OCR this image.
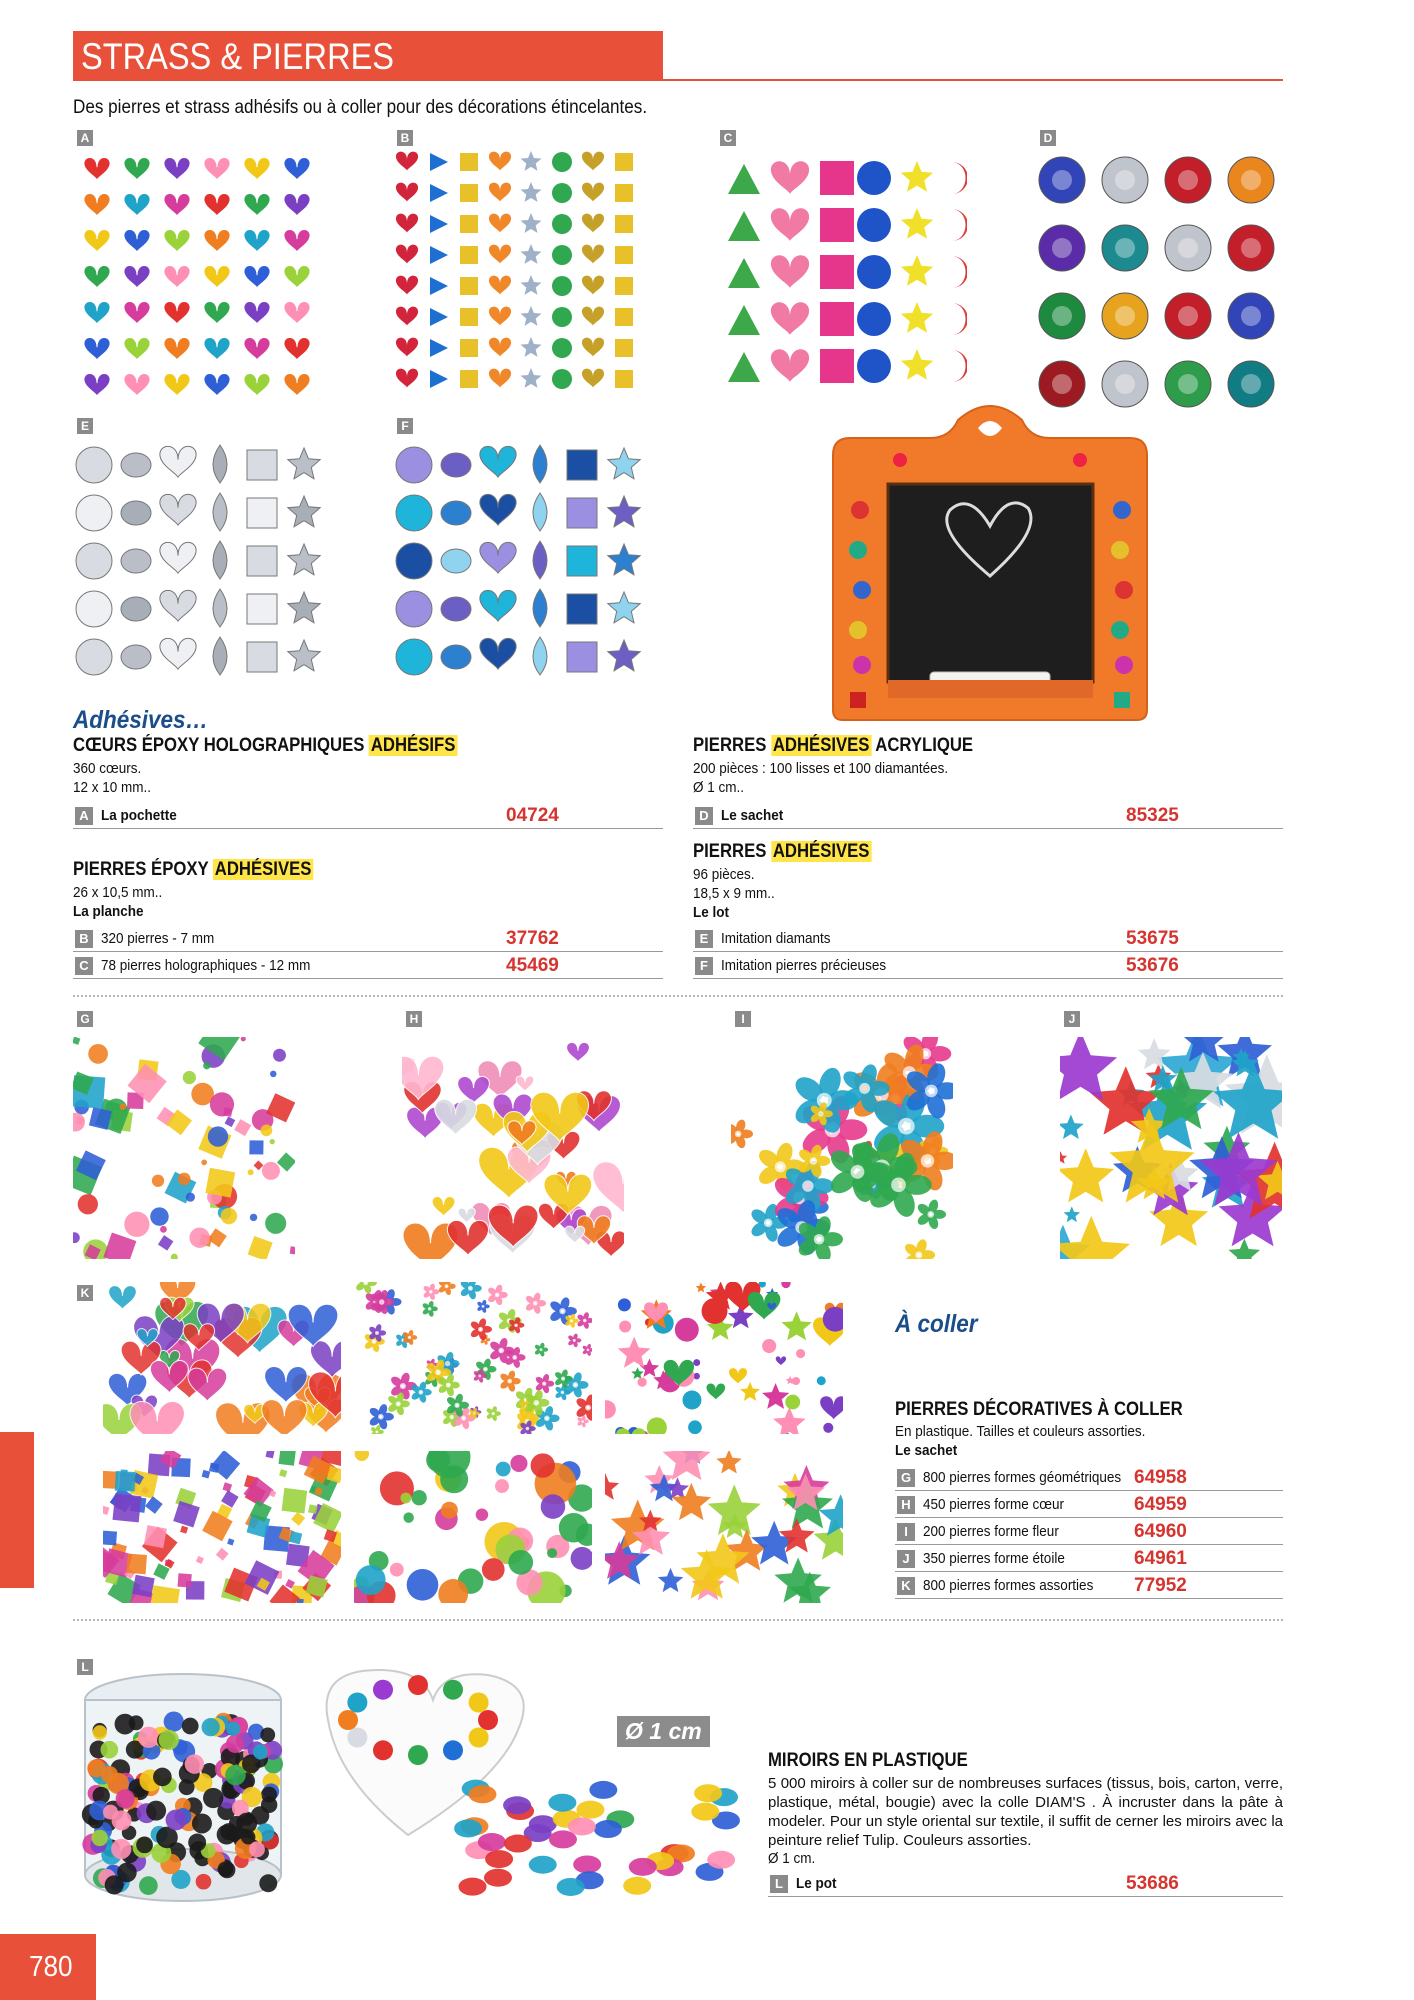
STRASS & PIERRES
Des pierres et strass adhésifs ou à coller pour des décorations étincelantes.
A	B	C	D
E	F
Adhésives…
CŒURS ÉPOXY HOLOGRAPHIQUES ADHÉSIFS
360 cœurs.
12 x 10 mm..
A La pochette	04724
PIERRES ÉPOXY ADHÉSIVES
26 x 10,5 mm..
La planche
B 320 pierres - 7 mm	37762
C 78 pierres holographiques - 12 mm	45469
PIERRES ADHÉSIVES ACRYLIQUE
200 pièces : 100 lisses et 100 diamantées.
Ø 1 cm..
D Le sachet	85325
PIERRES ADHÉSIVES
96 pièces.
18,5 x 9 mm..
Le lot
E Imitation diamants	53675
F Imitation pierres précieuses	53676
G	H	I	J
K
À coller
PIERRES DÉCORATIVES À COLLER
En plastique. Tailles et couleurs assorties.
Le sachet
G 800 pierres formes géométriques 64958
H 450 pierres forme cœur	64959
I	200 pierres forme fleur	64960
J 350 pierres forme étoile	64961
K 800 pierres formes assorties 77952
L
Ø 1 cm
MIROIRS EN PLASTIQUE
5 000 miroirs à coller sur de nombreuses surfaces (tissus, bois, carton, verre, plastique, métal, bougie) avec la colle DIAM'S . À incruster dans la pâte à modeler. Pour un style oriental sur textile, il suffit de cerner les miroirs avec la peinture relief Tulip. Couleurs assorties.
Ø 1 cm.
L Le pot	53686
780
